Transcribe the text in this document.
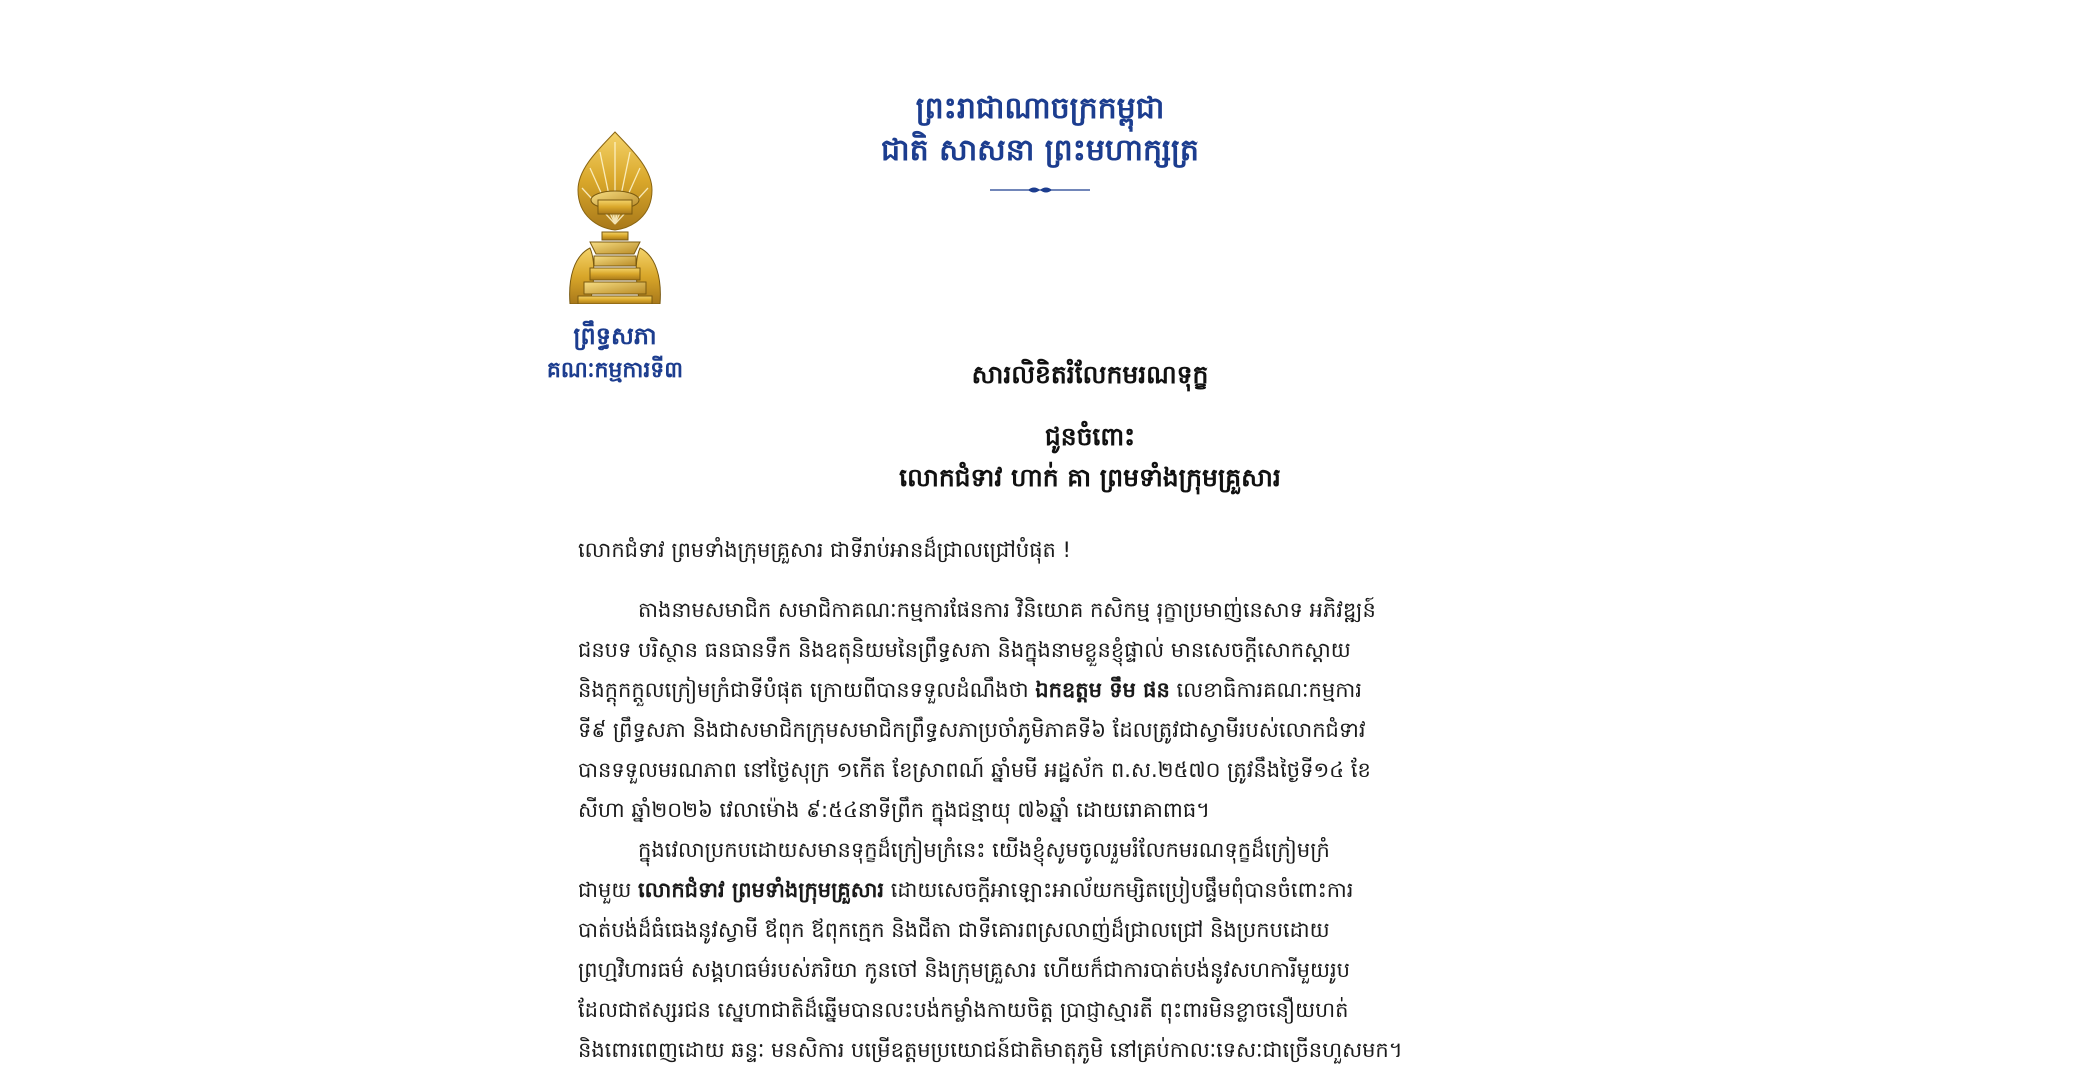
ព្រះរាជាណាចក្រកម្ពុជា
ជាតិ សាសនា ព្រះមហាក្សត្រ
ព្រឹទ្ធសភា
គណៈកម្មការទី៣	សារលិខិតរំលែកមរណទុក្ខ
ជូនចំពោះ
លោកជំទាវ ហាក់ គា ព្រមទាំងក្រុមគ្រួសារ
លោកជំទាវ ព្រមទាំងក្រុមគ្រួសារ ជាទីរាប់អានដ៏ជ្រាលជ្រៅបំផុត !
តាងនាមសមាជិក សមាជិកាគណៈកម្មការផែនការ វិនិយោគ កសិកម្ម រុក្ខាប្រមាញ់នេសាទ អភិវឌ្ឍន៍
ជនបទ បរិស្ថាន ធនធានទឹក និងឧតុនិយមនៃព្រឹទ្ធសភា និងក្នុងនាមខ្លួនខ្ញុំផ្ទាល់ មានសេចក្តីសោកស្តាយ
និងក្តុកក្តួលក្រៀមក្រំជាទីបំផុត ក្រោយពីបានទទួលដំណឹងថា ឯកឧត្តម ទឹម ផន លេខាធិការគណៈកម្មការ
ទី៩ ព្រឹទ្ធសភា និងជាសមាជិកក្រុមសមាជិកព្រឹទ្ធសភាប្រចាំភូមិភាគទី៦ ដែលត្រូវជាស្វាមីរបស់លោកជំទាវ
បានទទួលមរណភាព នៅថ្ងៃសុក្រ ១កើត ខែស្រាពណ៍ ឆ្នាំមមី អដ្ឋស័ក ព.ស.២៥៧០ ត្រូវនឹងថ្ងៃទី១៤ ខែ
សីហា ឆ្នាំ២០២៦ វេលាម៉ោង ៩:៥៤នាទីព្រឹក ក្នុងជន្មាយុ ៧៦ឆ្នាំ ដោយរោគាពាធ។
ក្នុងវេលាប្រកបដោយសមានទុក្ខដ៏ក្រៀមក្រំនេះ យើងខ្ញុំសូមចូលរួមរំលែកមរណទុក្ខដ៏ក្រៀមក្រំ
ជាមួយ លោកជំទាវ ព្រមទាំងក្រុមគ្រួសារ ដោយសេចក្តីអាឡោះអាល័យកម្សិតប្រៀបផ្ទឹមពុំបានចំពោះការ
បាត់បង់ដ៏ធំធេងនូវស្វាមី ឪពុក ឪពុកក្មេក និងជីតា ជាទីគោរពស្រលាញ់ដ៏ជ្រាលជ្រៅ និងប្រកបដោយ
ព្រហ្មវិហារធម៌ សង្គហធម៌របស់ភរិយា កូនចៅ និងក្រុមគ្រួសារ ហើយក៏ជាការបាត់បង់នូវសហការីមួយរូប
ដែលជាឥស្សរជន ស្នេហាជាតិដ៏ឆ្នើមបានលះបង់កម្លាំងកាយចិត្ត ប្រាជ្ញាស្មារតី ពុះពារមិនខ្លាចនឿយហត់
និងពោរពេញដោយ ឆន្ទៈ មនសិការ បម្រើឧត្តមប្រយោជន៍ជាតិមាតុភូមិ នៅគ្រប់កាលៈទេសៈជាច្រើនហួសមក។
